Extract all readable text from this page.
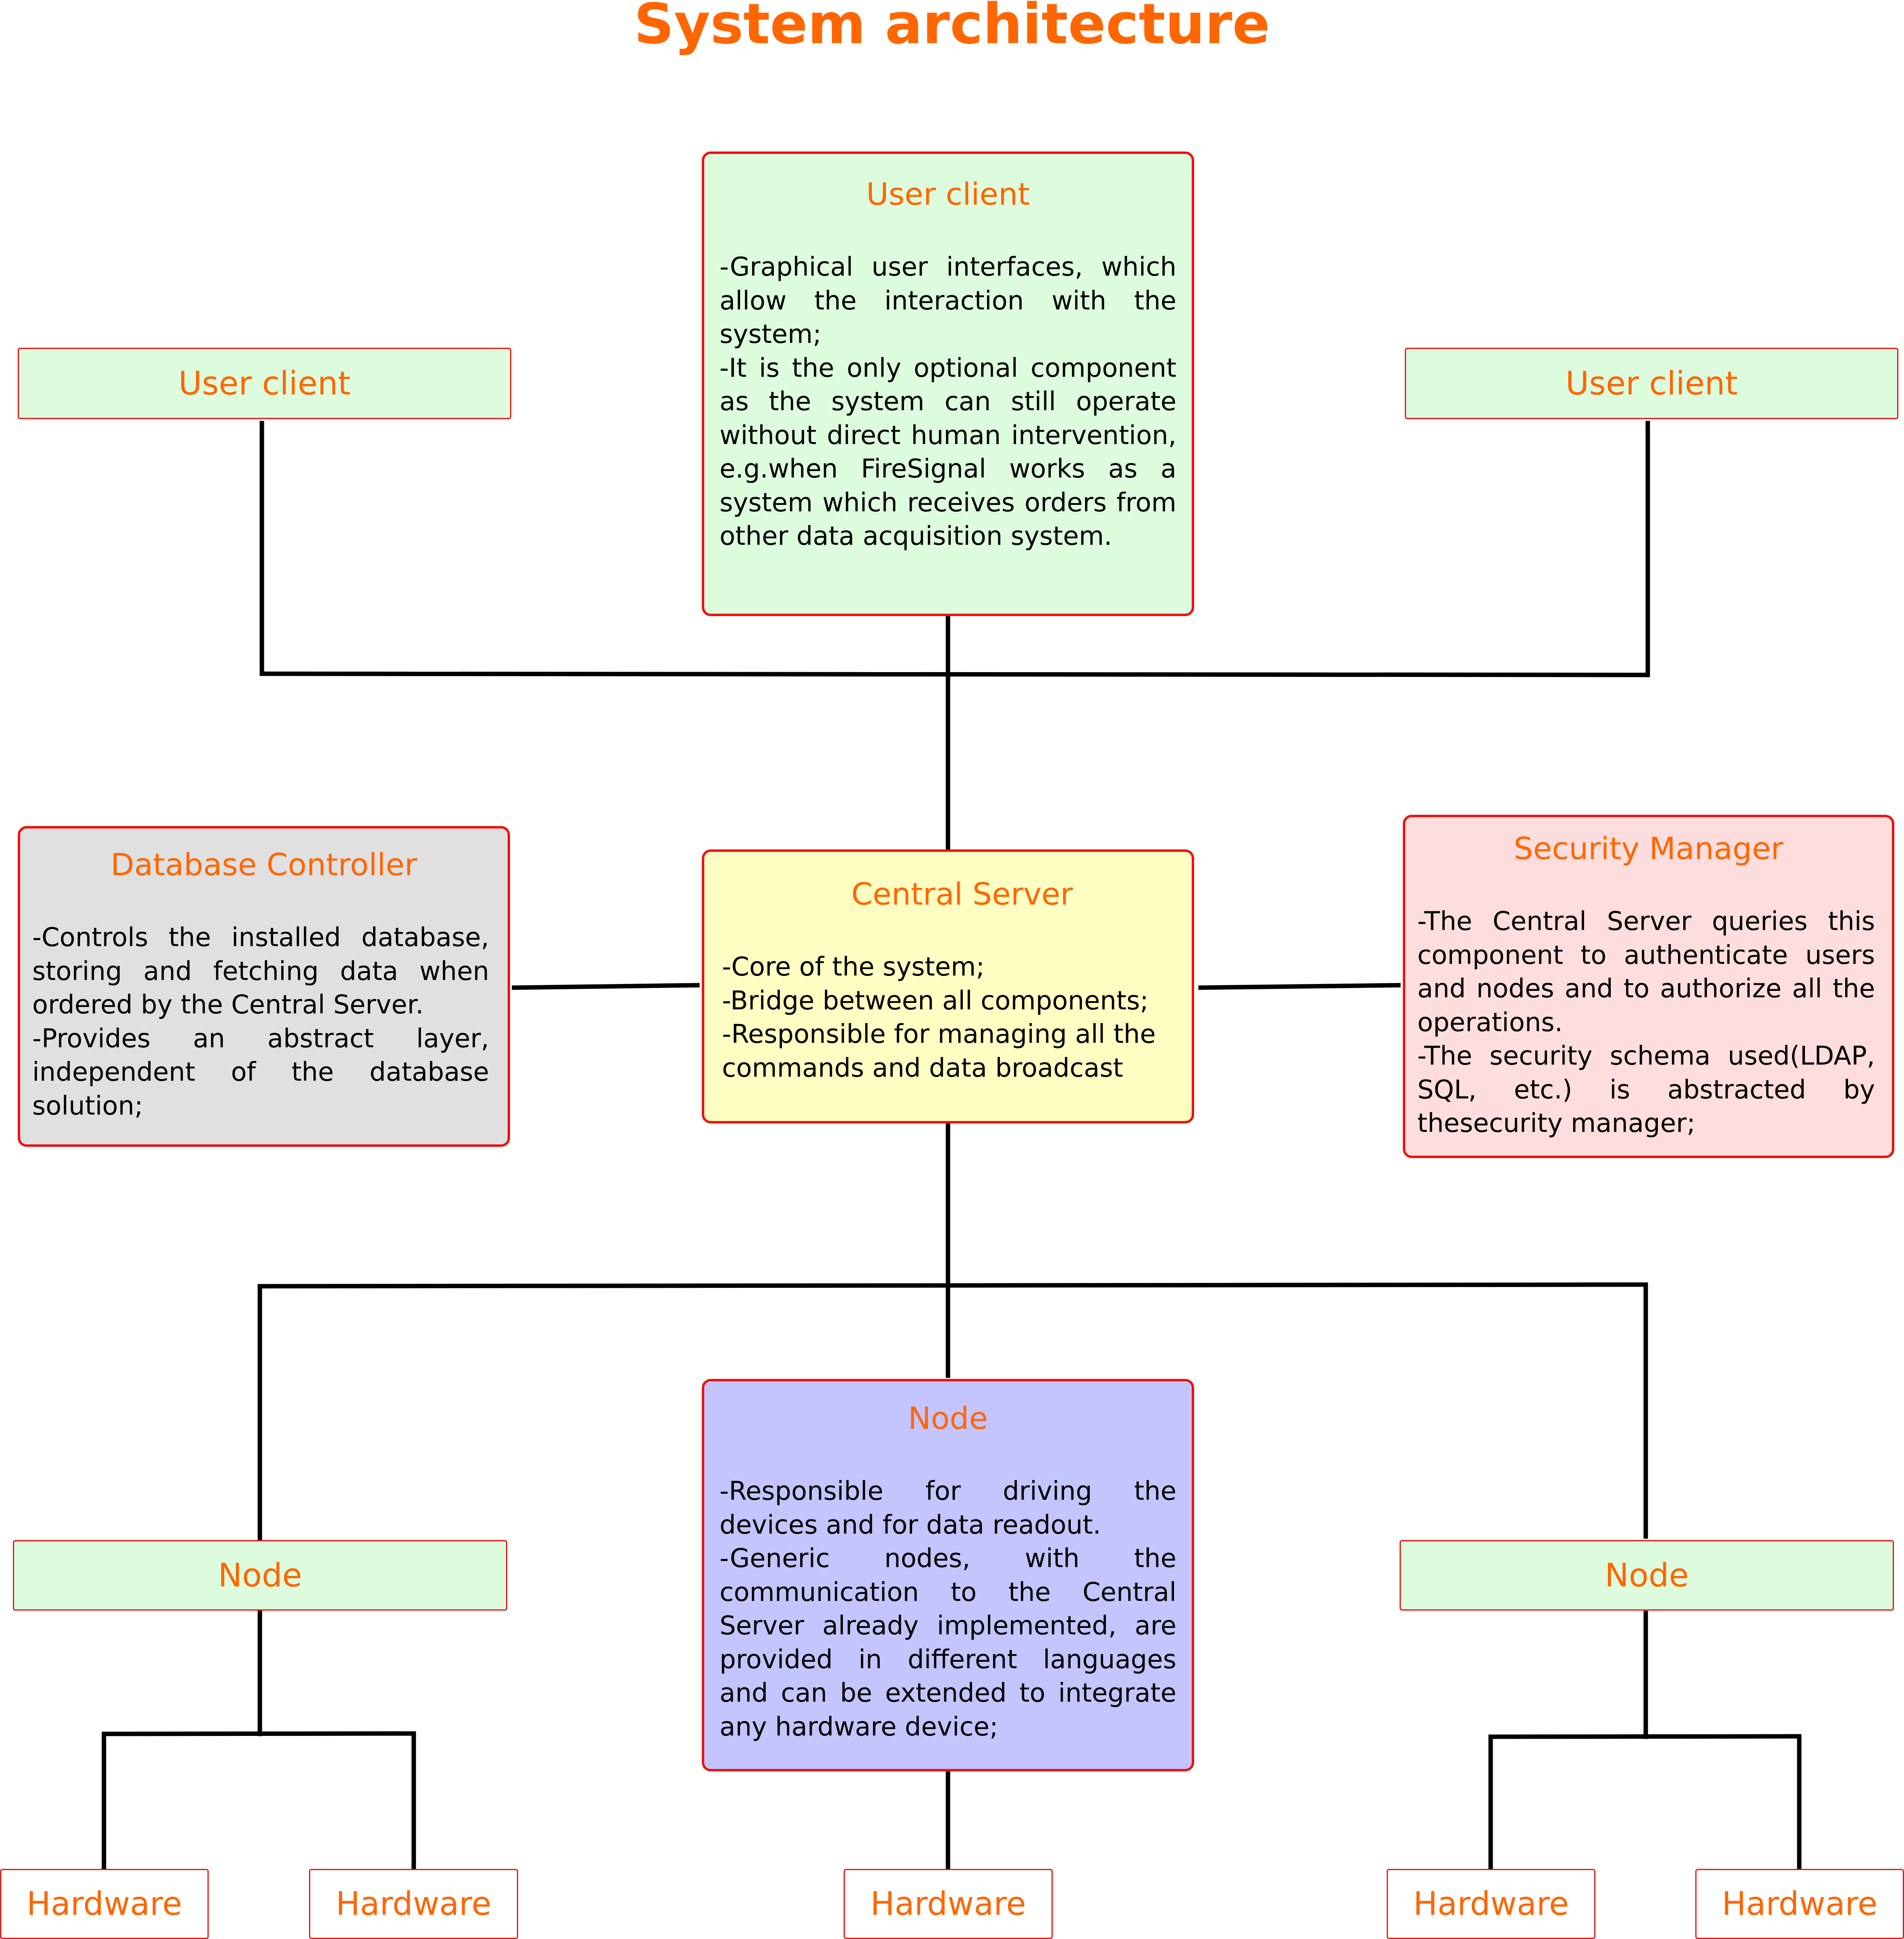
System architecture
User client

-Graphical user interfaces, which allow the interaction with the system;

-It is the only optional component as the system can still operate without direct human intervention, e.g.when FireSignal works as a system which receives orders from other data acquisition system.

User client	User client
Database Controller

-Controls the installed database, storing and fetching data when ordered by the Central Server.

-Provides an abstract layer, independent of the database solution;

Central Server

-Core of the system;

-Bridge between all components;

-Responsible for managing all the commands and data broadcast

Security Manager

-The Central Server queries this component to authenticate users and nodes and to authorize all the operations.

-The security schema used(LDAP, SQL, etc.) is abstracted by thesecurity manager;

Node

-Responsible for driving the devices and for data readout.

-Generic nodes, with the communication to the Central Server already implemented, are provided in different languages and can be extended to integrate any hardware device;

Node	Node
Hardware	Hardware	Hardware	Hardware	Hardware
